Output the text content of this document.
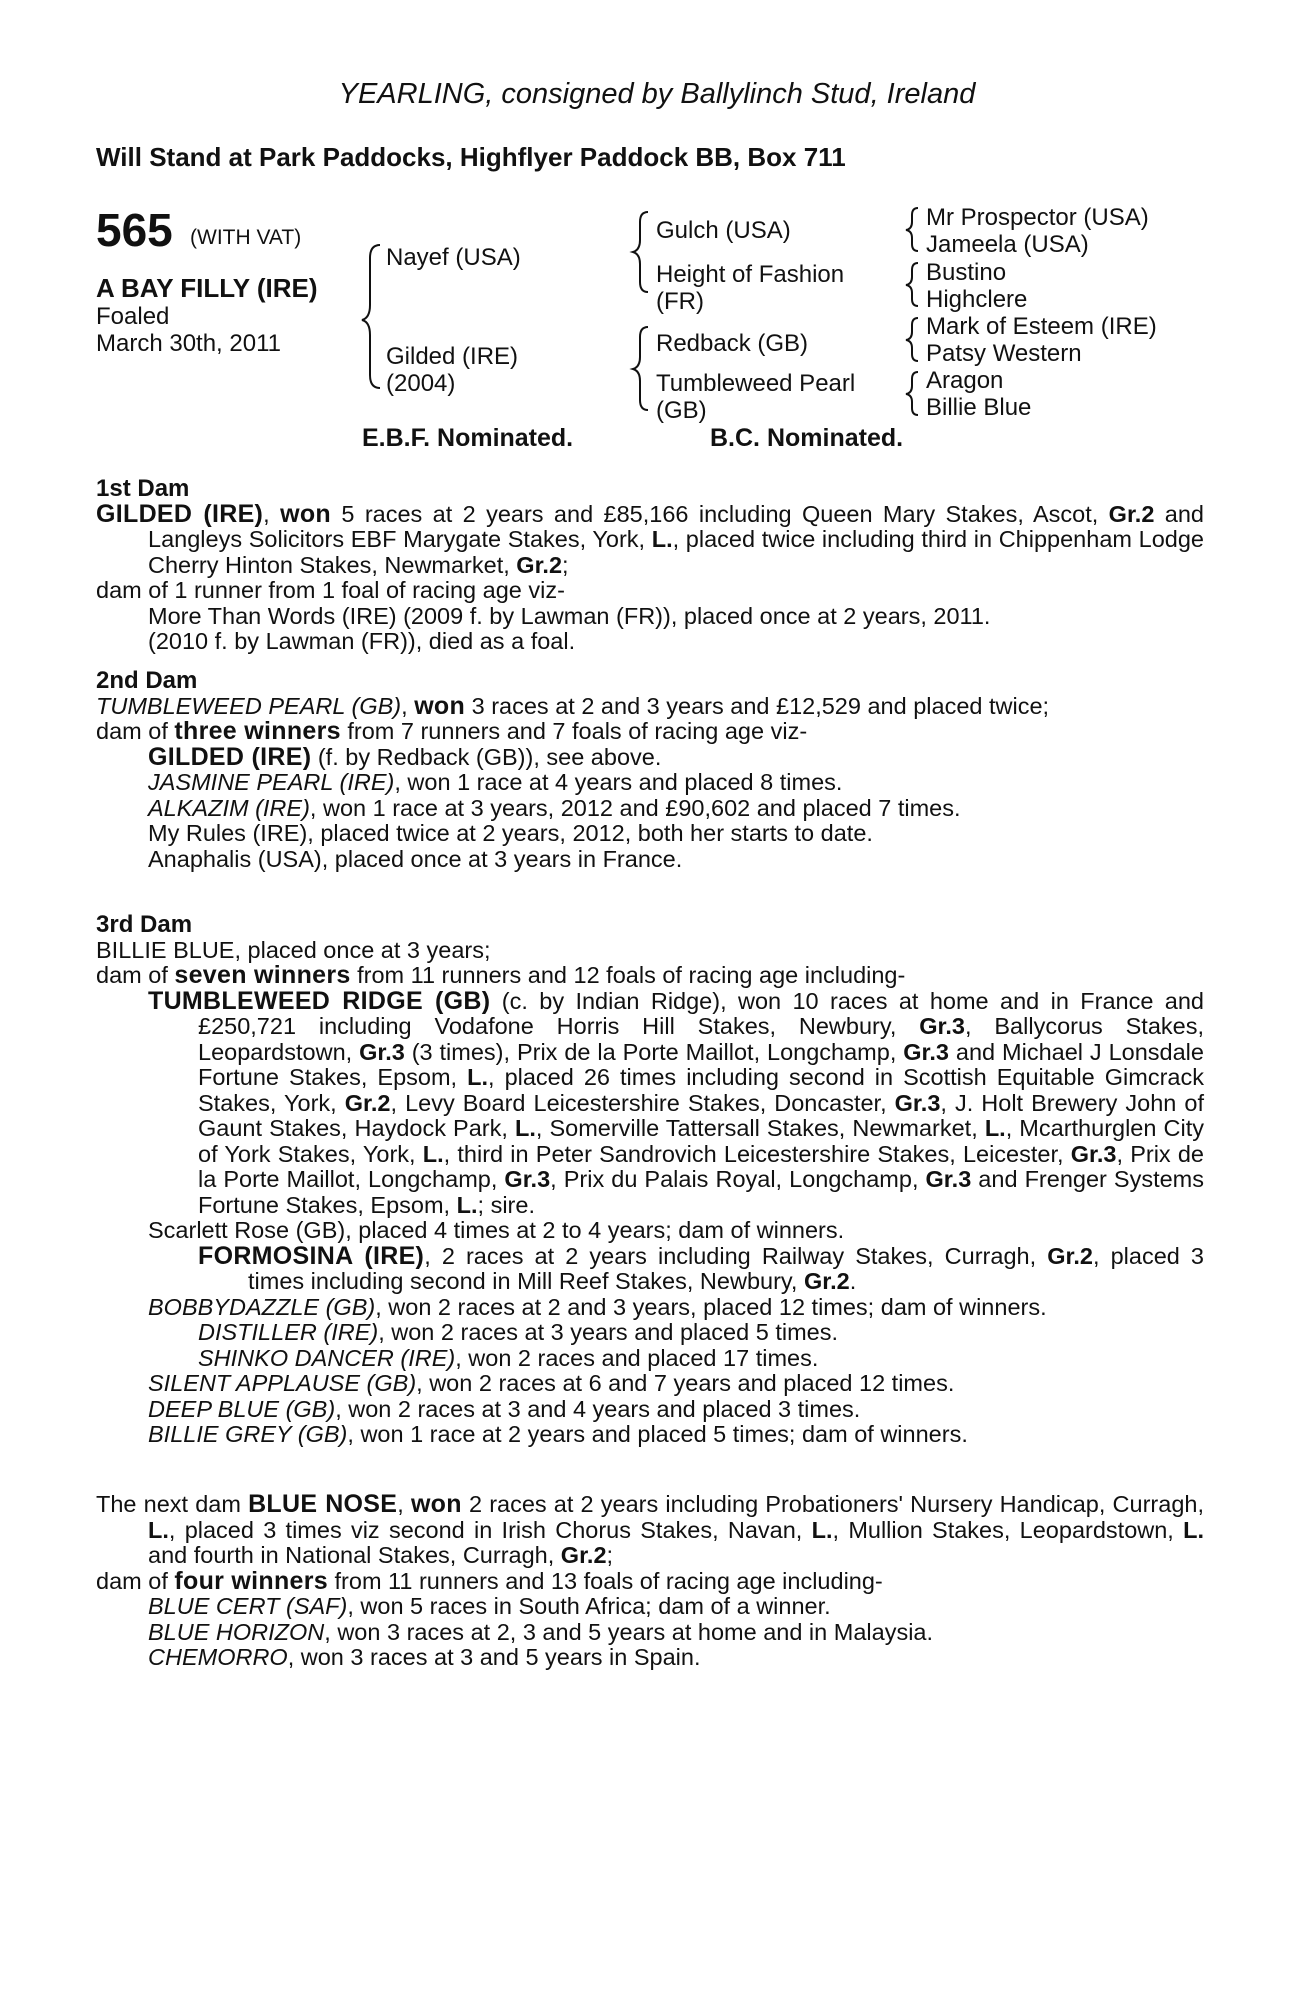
YEARLING, consigned by Ballylinch Stud, Ireland
Will Stand at Park Paddocks, Highflyer Paddock BB, Box 711
565 (WITH VAT)
A BAY FILLY (IRE)
Foaled
March 30th, 2011
Nayef (USA)
Gilded (IRE)
(2004)
Gulch (USA)
Height of Fashion
(FR)
Redback (GB)
Tumbleweed Pearl
(GB)
Mr Prospector (USA)
Jameela (USA)
Bustino
Highclere
Mark of Esteem (IRE)
Patsy Western
Aragon
Billie Blue
E.B.F. Nominated.	B.C. Nominated.
1st Dam
GILDED (IRE), won 5 races at 2 years and £85,166 including Queen Mary Stakes, Ascot, Gr.2 and Langleys Solicitors EBF Marygate Stakes, York, L., placed twice including third in Chippenham Lodge Cherry Hinton Stakes, Newmarket, Gr.2;
dam of 1 runner from 1 foal of racing age viz-
More Than Words (IRE) (2009 f. by Lawman (FR)), placed once at 2 years, 2011.
(2010 f. by Lawman (FR)), died as a foal.
2nd Dam
TUMBLEWEED PEARL (GB), won 3 races at 2 and 3 years and £12,529 and placed twice;
dam of three winners from 7 runners and 7 foals of racing age viz-
GILDED (IRE) (f. by Redback (GB)), see above.
JASMINE PEARL (IRE), won 1 race at 4 years and placed 8 times.
ALKAZIM (IRE), won 1 race at 3 years, 2012 and £90,602 and placed 7 times.
My Rules (IRE), placed twice at 2 years, 2012, both her starts to date.
Anaphalis (USA), placed once at 3 years in France.
3rd Dam
BILLIE BLUE, placed once at 3 years;
dam of seven winners from 11 runners and 12 foals of racing age including-
TUMBLEWEED RIDGE (GB) (c. by Indian Ridge), won 10 races at home and in France and £250,721 including Vodafone Horris Hill Stakes, Newbury, Gr.3, Ballycorus Stakes, Leopardstown, Gr.3 (3 times), Prix de la Porte Maillot, Longchamp, Gr.3 and Michael J Lonsdale Fortune Stakes, Epsom, L., placed 26 times including second in Scottish Equitable Gimcrack Stakes, York, Gr.2, Levy Board Leicestershire Stakes, Doncaster, Gr.3, J. Holt Brewery John of Gaunt Stakes, Haydock Park, L., Somerville Tattersall Stakes, Newmarket, L., Mcarthurglen City of York Stakes, York, L., third in Peter Sandrovich Leicestershire Stakes, Leicester, Gr.3, Prix de la Porte Maillot, Longchamp, Gr.3, Prix du Palais Royal, Longchamp, Gr.3 and Frenger Systems Fortune Stakes, Epsom, L.; sire.
Scarlett Rose (GB), placed 4 times at 2 to 4 years; dam of winners.
FORMOSINA (IRE), 2 races at 2 years including Railway Stakes, Curragh, Gr.2, placed 3 times including second in Mill Reef Stakes, Newbury, Gr.2.
BOBBYDAZZLE (GB), won 2 races at 2 and 3 years, placed 12 times; dam of winners.
DISTILLER (IRE), won 2 races at 3 years and placed 5 times.
SHINKO DANCER (IRE), won 2 races and placed 17 times.
SILENT APPLAUSE (GB), won 2 races at 6 and 7 years and placed 12 times.
DEEP BLUE (GB), won 2 races at 3 and 4 years and placed 3 times.
BILLIE GREY (GB), won 1 race at 2 years and placed 5 times; dam of winners.
The next dam BLUE NOSE, won 2 races at 2 years including Probationers' Nursery Handicap, Curragh, L., placed 3 times viz second in Irish Chorus Stakes, Navan, L., Mullion Stakes, Leopardstown, L. and fourth in National Stakes, Curragh, Gr.2;
dam of four winners from 11 runners and 13 foals of racing age including-
BLUE CERT (SAF), won 5 races in South Africa; dam of a winner.
BLUE HORIZON, won 3 races at 2, 3 and 5 years at home and in Malaysia.
CHEMORRO, won 3 races at 3 and 5 years in Spain.
